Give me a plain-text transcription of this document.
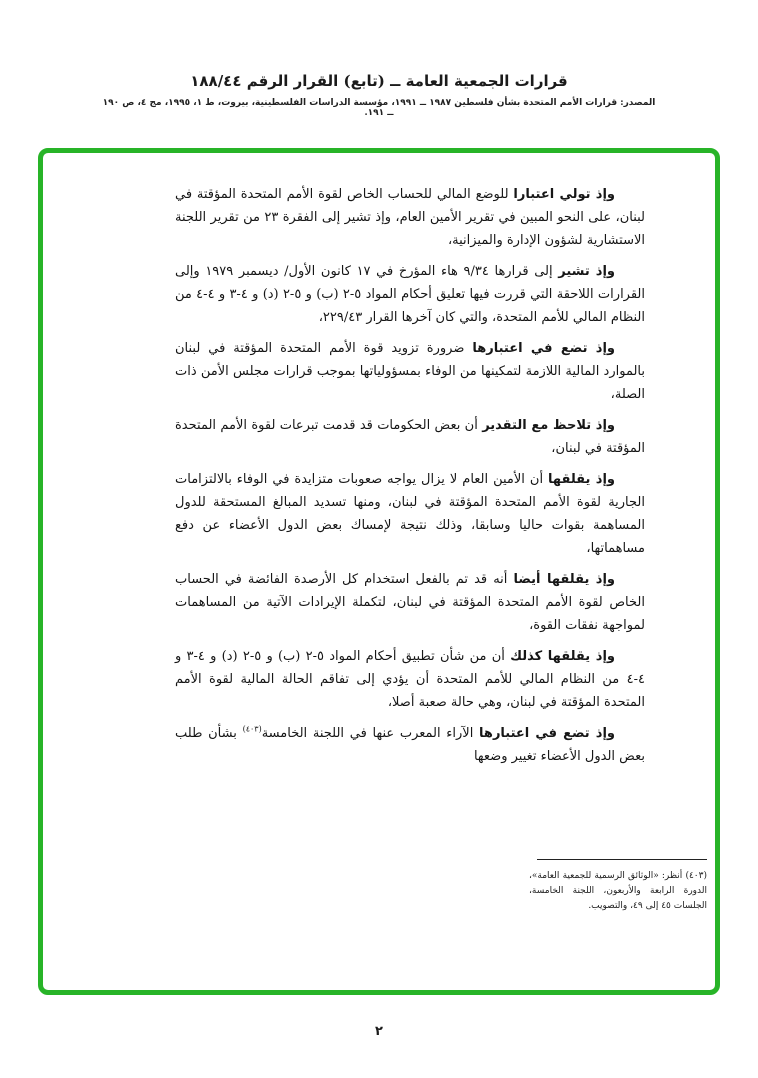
قرارات الجمعية العامة ــ (تابع) القرار الرقم ١٨٨/٤٤

المصدر: قرارات الأمم المتحدة بشأن فلسطين ١٩٨٧ ــ ١٩٩١، مؤسسة الدراسات الفلسطينية، بيروت، ط ١، ١٩٩٥، مج ٤، ص ١٩٠ ــ ١٩١.

وإذ تولي اعتبارا للوضع المالي للحساب الخاص لقوة الأمم المتحدة المؤقتة في لبنان، على النحو المبين في تقرير الأمين العام، وإذ تشير إلى الفقرة ٢٣ من تقرير اللجنة الاستشارية لشؤون الإدارة والميزانية،

وإذ تشير إلى قرارها ٩/٣٤ هاء المؤرخ في ١٧ كانون الأول/ ديسمبر ١٩٧٩ وإلى القرارات اللاحقة التي قررت فيها تعليق أحكام المواد ٥-٢ (ب) و ٥-٢ (د) و ٤-٣ و ٤-٤ من النظام المالي للأمم المتحدة، والتي كان آخرها القرار ٢٢٩/٤٣،

وإذ تضع في اعتبارها ضرورة تزويد قوة الأمم المتحدة المؤقتة في لبنان بالموارد المالية اللازمة لتمكينها من الوفاء بمسؤولياتها بموجب قرارات مجلس الأمن ذات الصلة،

وإذ تلاحظ مع التقدير أن بعض الحكومات قد قدمت تبرعات لقوة الأمم المتحدة المؤقتة في لبنان،

وإذ يقلقها أن الأمين العام لا يزال يواجه صعوبات متزايدة في الوفاء بالالتزامات الجارية لقوة الأمم المتحدة المؤقتة في لبنان، ومنها تسديد المبالغ المستحقة للدول المساهمة بقوات حاليا وسابقا، وذلك نتيجة لإمساك بعض الدول الأعضاء عن دفع مساهماتها،

وإذ يقلقها أيضا أنه قد تم بالفعل استخدام كل الأرصدة الفائضة في الحساب الخاص لقوة الأمم المتحدة المؤقتة في لبنان، لتكملة الإيرادات الآتية من المساهمات لمواجهة نفقات القوة،

وإذ يقلقها كذلك أن من شأن تطبيق أحكام المواد ٥-٢ (ب) و ٥-٢ (د) و ٤-٣ و ٤-٤ من النظام المالي للأمم المتحدة أن يؤدي إلى تفاقم الحالة المالية لقوة الأمم المتحدة المؤقتة في لبنان، وهي حالة صعبة أصلا،

وإذ تضع في اعتبارها الآراء المعرب عنها في اللجنة الخامسة$^{(٤٠٣)}$ بشأن طلب بعض الدول الأعضاء تغيير وضعها

(٤٠٣) أنظر: «الوثائق الرسمية للجمعية العامة»، الدورة الرابعة والأربعون، اللجنة الخامسة، الجلسات ٤٥ إلى ٤٩، والتصويب.

٢
